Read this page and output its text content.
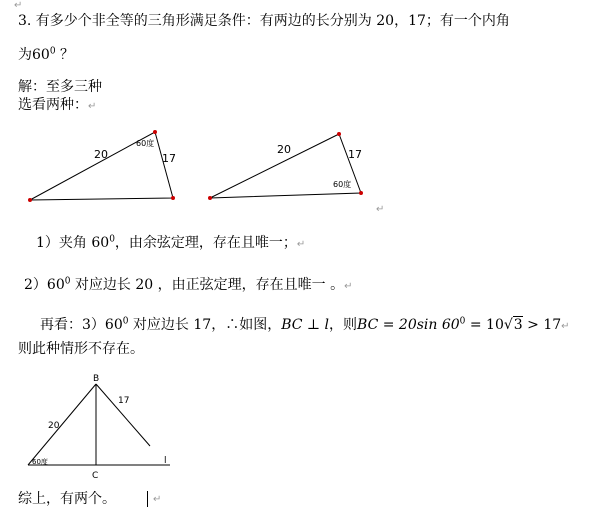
↵
3. 有多少个非全等的三角形满足条件：有两边的长分别为 20，17；有一个内角
为$60^0$ ？
解：至多三种
选看两种：↵
20	17
60度	20	17
60度
↵
1）夹角 $60^0$，由余弦定理，存在且唯一；↵
$2)60^0$ 对应边长 20 ，由正弦定理，存在且唯一 。↵
再看：$3)60^0$ 对应边长 17，∴如图，BC ⊥ l，则BC = 20sin $60^0 = 10√3$ > 17↵
则此种情形不存在。
B
C
l
20
17
60度
综上，有两个。	↵
